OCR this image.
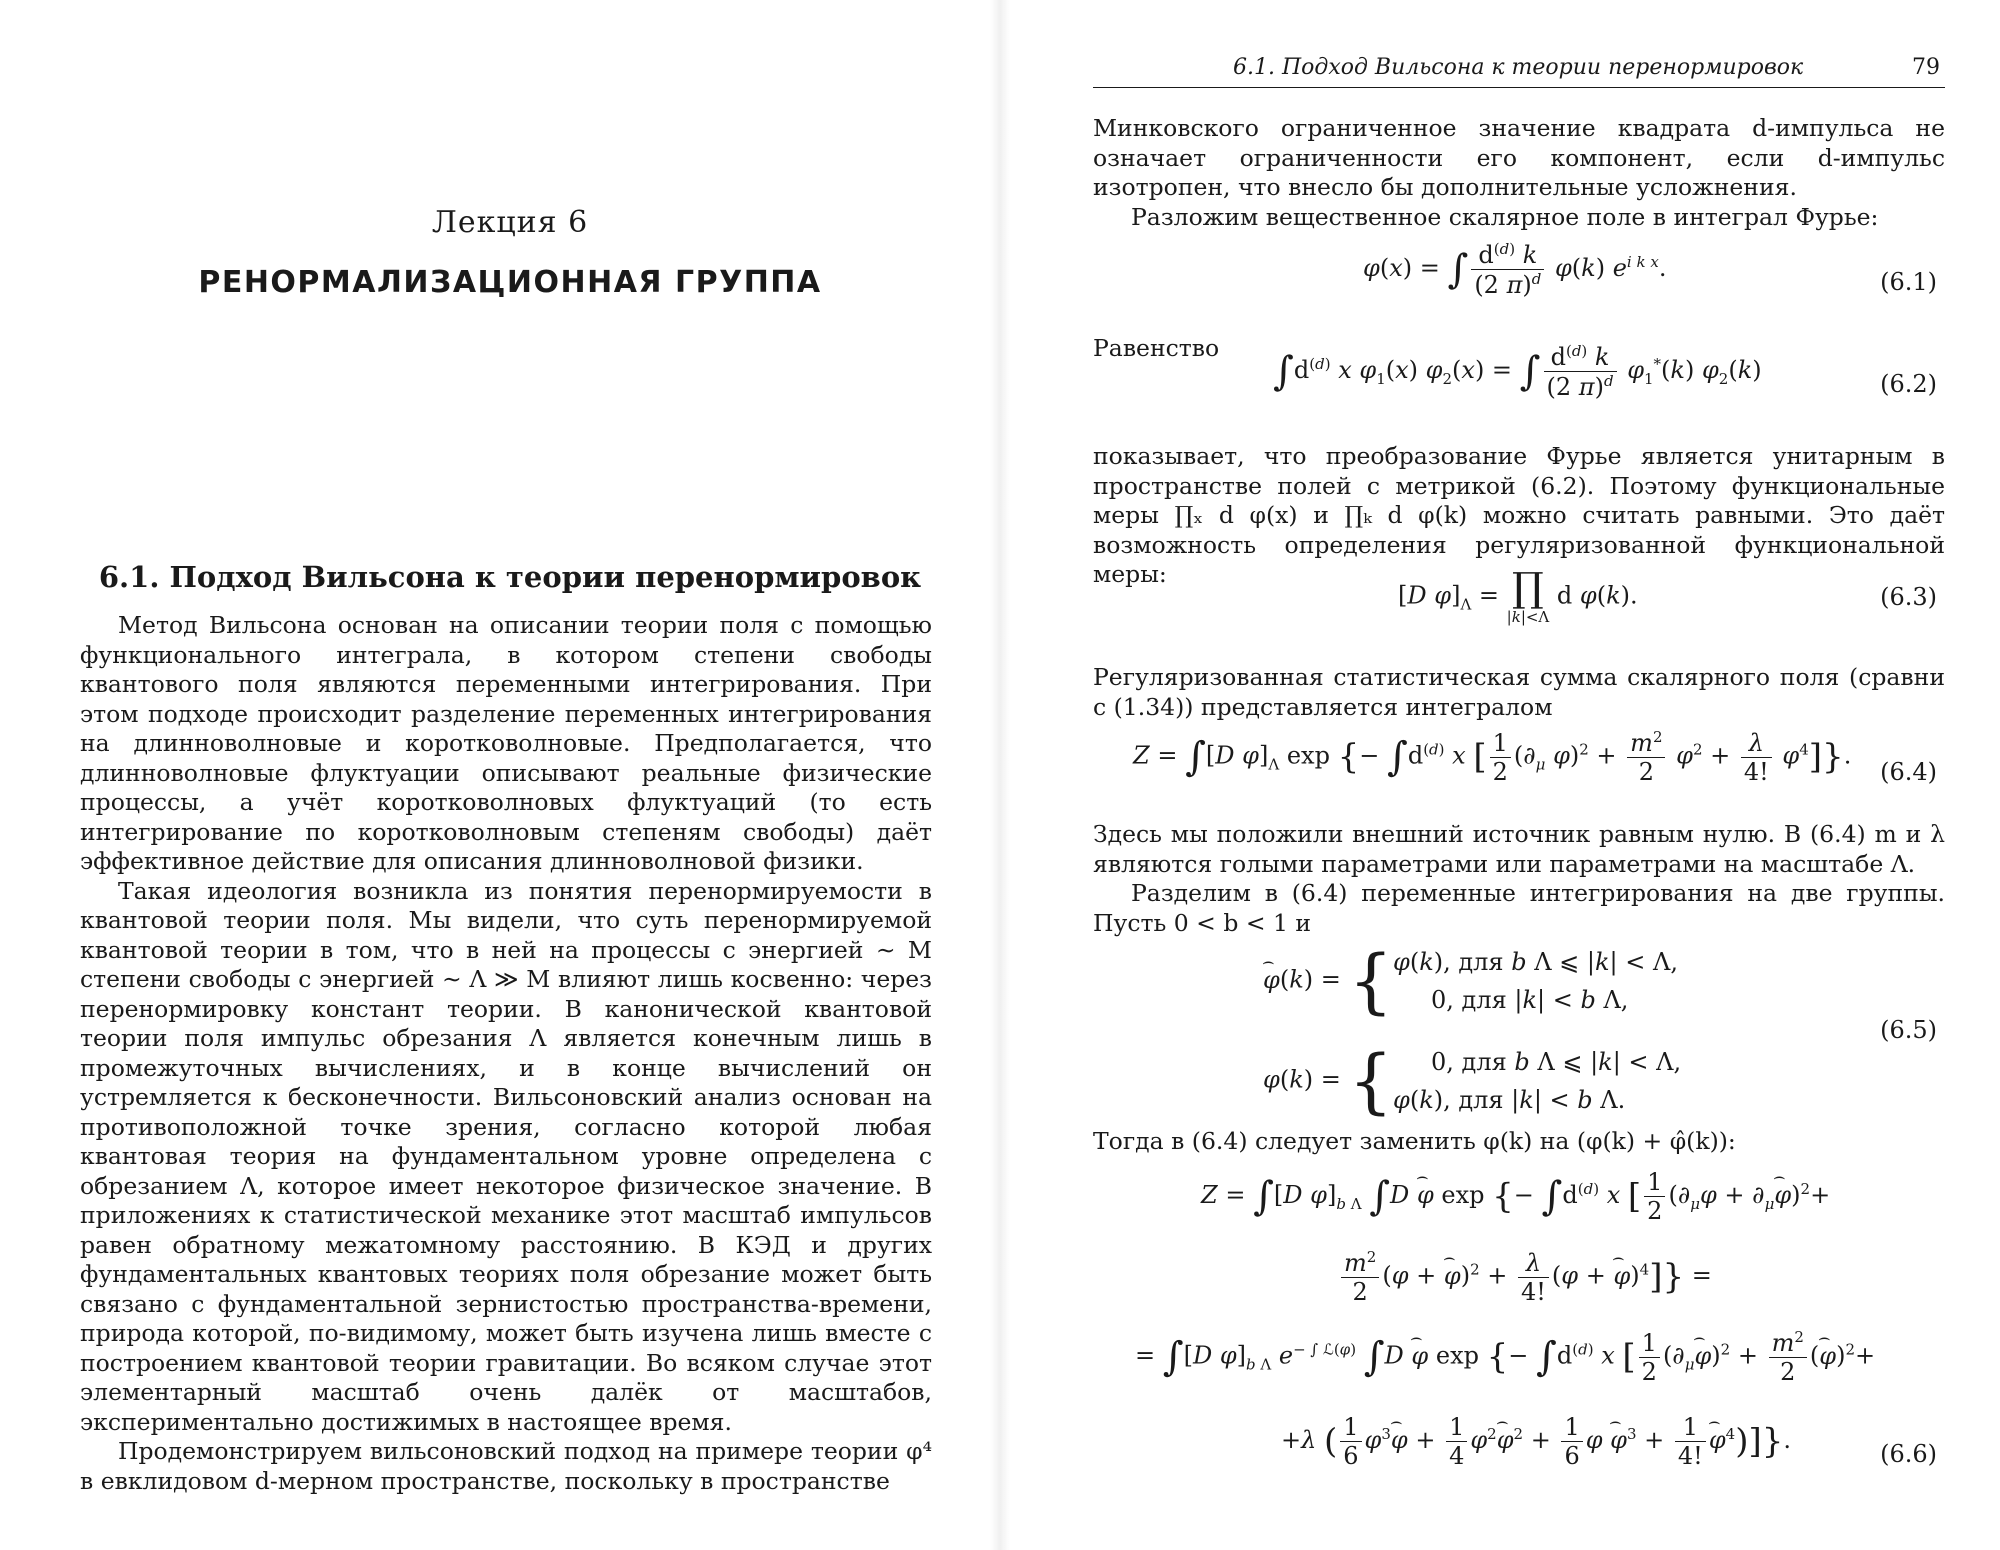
Лекция 6
РЕНОРМАЛИЗАЦИОННАЯ ГРУППА
6.1. Подход Вильсона к теории перенормировок

Метод Вильсона основан на описании теории поля с помощью функционального интеграла, в котором степени свободы квантового поля являются переменными интегрирования. При этом подходе происходит разделение переменных интегрирования на длинноволновые и коротковолновые. Предполагается, что длинноволновые флуктуации описывают реальные физические процессы, а учёт коротковолновых флуктуаций (то есть интегрирование по коротковолновым степеням свободы) даёт эффективное действие для описания длинноволновой физики.

Такая идеология возникла из понятия перенормируемости в квантовой теории поля. Мы видели, что суть перенормируемой квантовой теории в том, что в ней на процессы с энергией ∼ M степени свободы с энергией ∼ Λ ≫ M влияют лишь косвенно: через перенормировку констант теории. В канонической квантовой теории поля импульс обрезания Λ является конечным лишь в промежуточных вычислениях, и в конце вычислений он устремляется к бесконечности. Вильсоновский анализ основан на противоположной точке зрения, согласно которой любая квантовая теория на фундаментальном уровне определена с обрезанием Λ, которое имеет некоторое физическое значение. В приложениях к статистической механике этот масштаб импульсов равен обратному межатомному расстоянию. В КЭД и других фундаментальных квантовых теориях поля обрезание может быть связано с фундаментальной зернистостью пространства-времени, природа которой, по-видимому, может быть изучена лишь вместе с построением квантовой теории гравитации. Во всяком случае этот элементарный масштаб очень далёк от масштабов, экспериментально достижимых в настоящее время.

Продемонстрируем вильсоновский подход на примере теории φ⁴ в евклидовом d-мерном пространстве, поскольку в пространстве

6.1. Подход Вильсона к теории перенормировок	79

Минковского ограниченное значение квадрата d-импульса не означает ограниченности его компонент, если d-импульс изотропен, что внесло бы дополнительные усложнения.

Разложим вещественное скалярное поле в интеграл Фурье:

φ(x) = ∫ $\frac{d^{(d)} k}{(2 \pi)^d} \varphi(k)$ $e^{i k x}$.	(6.1)

Равенство

$\int d^{(d)}$ x $\varphi_1(x) \varphi_2(x)$ = ∫ $\frac{d^{(d)} k}{(2 \pi)^d} \varphi_1^*(k)$ $\varphi_2(k)$	(6.2)

показывает, что преобразование Фурье является унитарным в пространстве полей с метрикой (6.2). Поэтому функциональные меры ∏ₓ d φ(x) и ∏ₖ d φ(k) можно считать равными. Это даёт возможность определения регуляризованной функциональной меры:

[D $\varphi]_\Lambda$ = ∏
|k|<Λ
d φ(k).	(6.3)

Регуляризованная статистическая сумма скалярного поля (сравни с (1.34)) представляется интегралом

Z = ∫[D $\varphi]_\Lambda$ exp {− $\int d^{(d)}$ x [ $\frac{1}{2} (\partial_\mu$ $\varphi)^2 + \frac{m^2}{2} \varphi^2 + \frac{\lambda}{4!} \varphi^4$]}.
(6.4)

Здесь мы положили внешний источник равным нулю. В (6.4) m и λ являются голыми параметрами или параметрами на масштабе Λ.

Разделим в (6.4) переменные интегрирования на две группы. Пусть 0 < b < 1 и

⌢ φ(k) = { φ(k), для b Λ ⩽ |k| < Λ,
0, для |k| < b Λ,
φ(k) = {	0, для b Λ ⩽ |k| < Λ,
φ(k), для |k| < b Λ.
(6.5)

Тогда в (6.4) следует заменить φ(k) на (φ(k) + φ̂(k)):

Z = ∫[D $\varphi]_{b \Lambda}$ ∫D ⌢ φ exp {− $\int d^{(d)}$ x [ $\frac{1}{2} (\partial_\mu\varphi$ + $\partial_\mu⌢$ φ)$^2$+
$\frac{m^2}{2} (\varphi$ + ⌢ $\varphi)^2 + \frac{\lambda}{4!} (\varphi$ + ⌢ φ)$^4$]} =
= ∫[D $\varphi]_{b \Lambda}$ $e^{- \int ℒ(\varphi)}$ ∫D ⌢ φ exp {− $\int d^{(d)}$ x [ $\frac{1}{2}$ ($\partial_\mu⌢$ $\varphi)^2 + \frac{m^2}{2}$ (⌢ φ)$^2$+
+λ ( $\frac{1}{6}$ $\varphi^3⌢$ $\varphi + \frac{1}{4}$ $\varphi^2⌢$ $\varphi^2 + \frac{1}{6}$ φ ⌢ $\varphi^3 + \frac{1}{4!}$ ⌢ $\varphi^4$)]}.	(6.6)
